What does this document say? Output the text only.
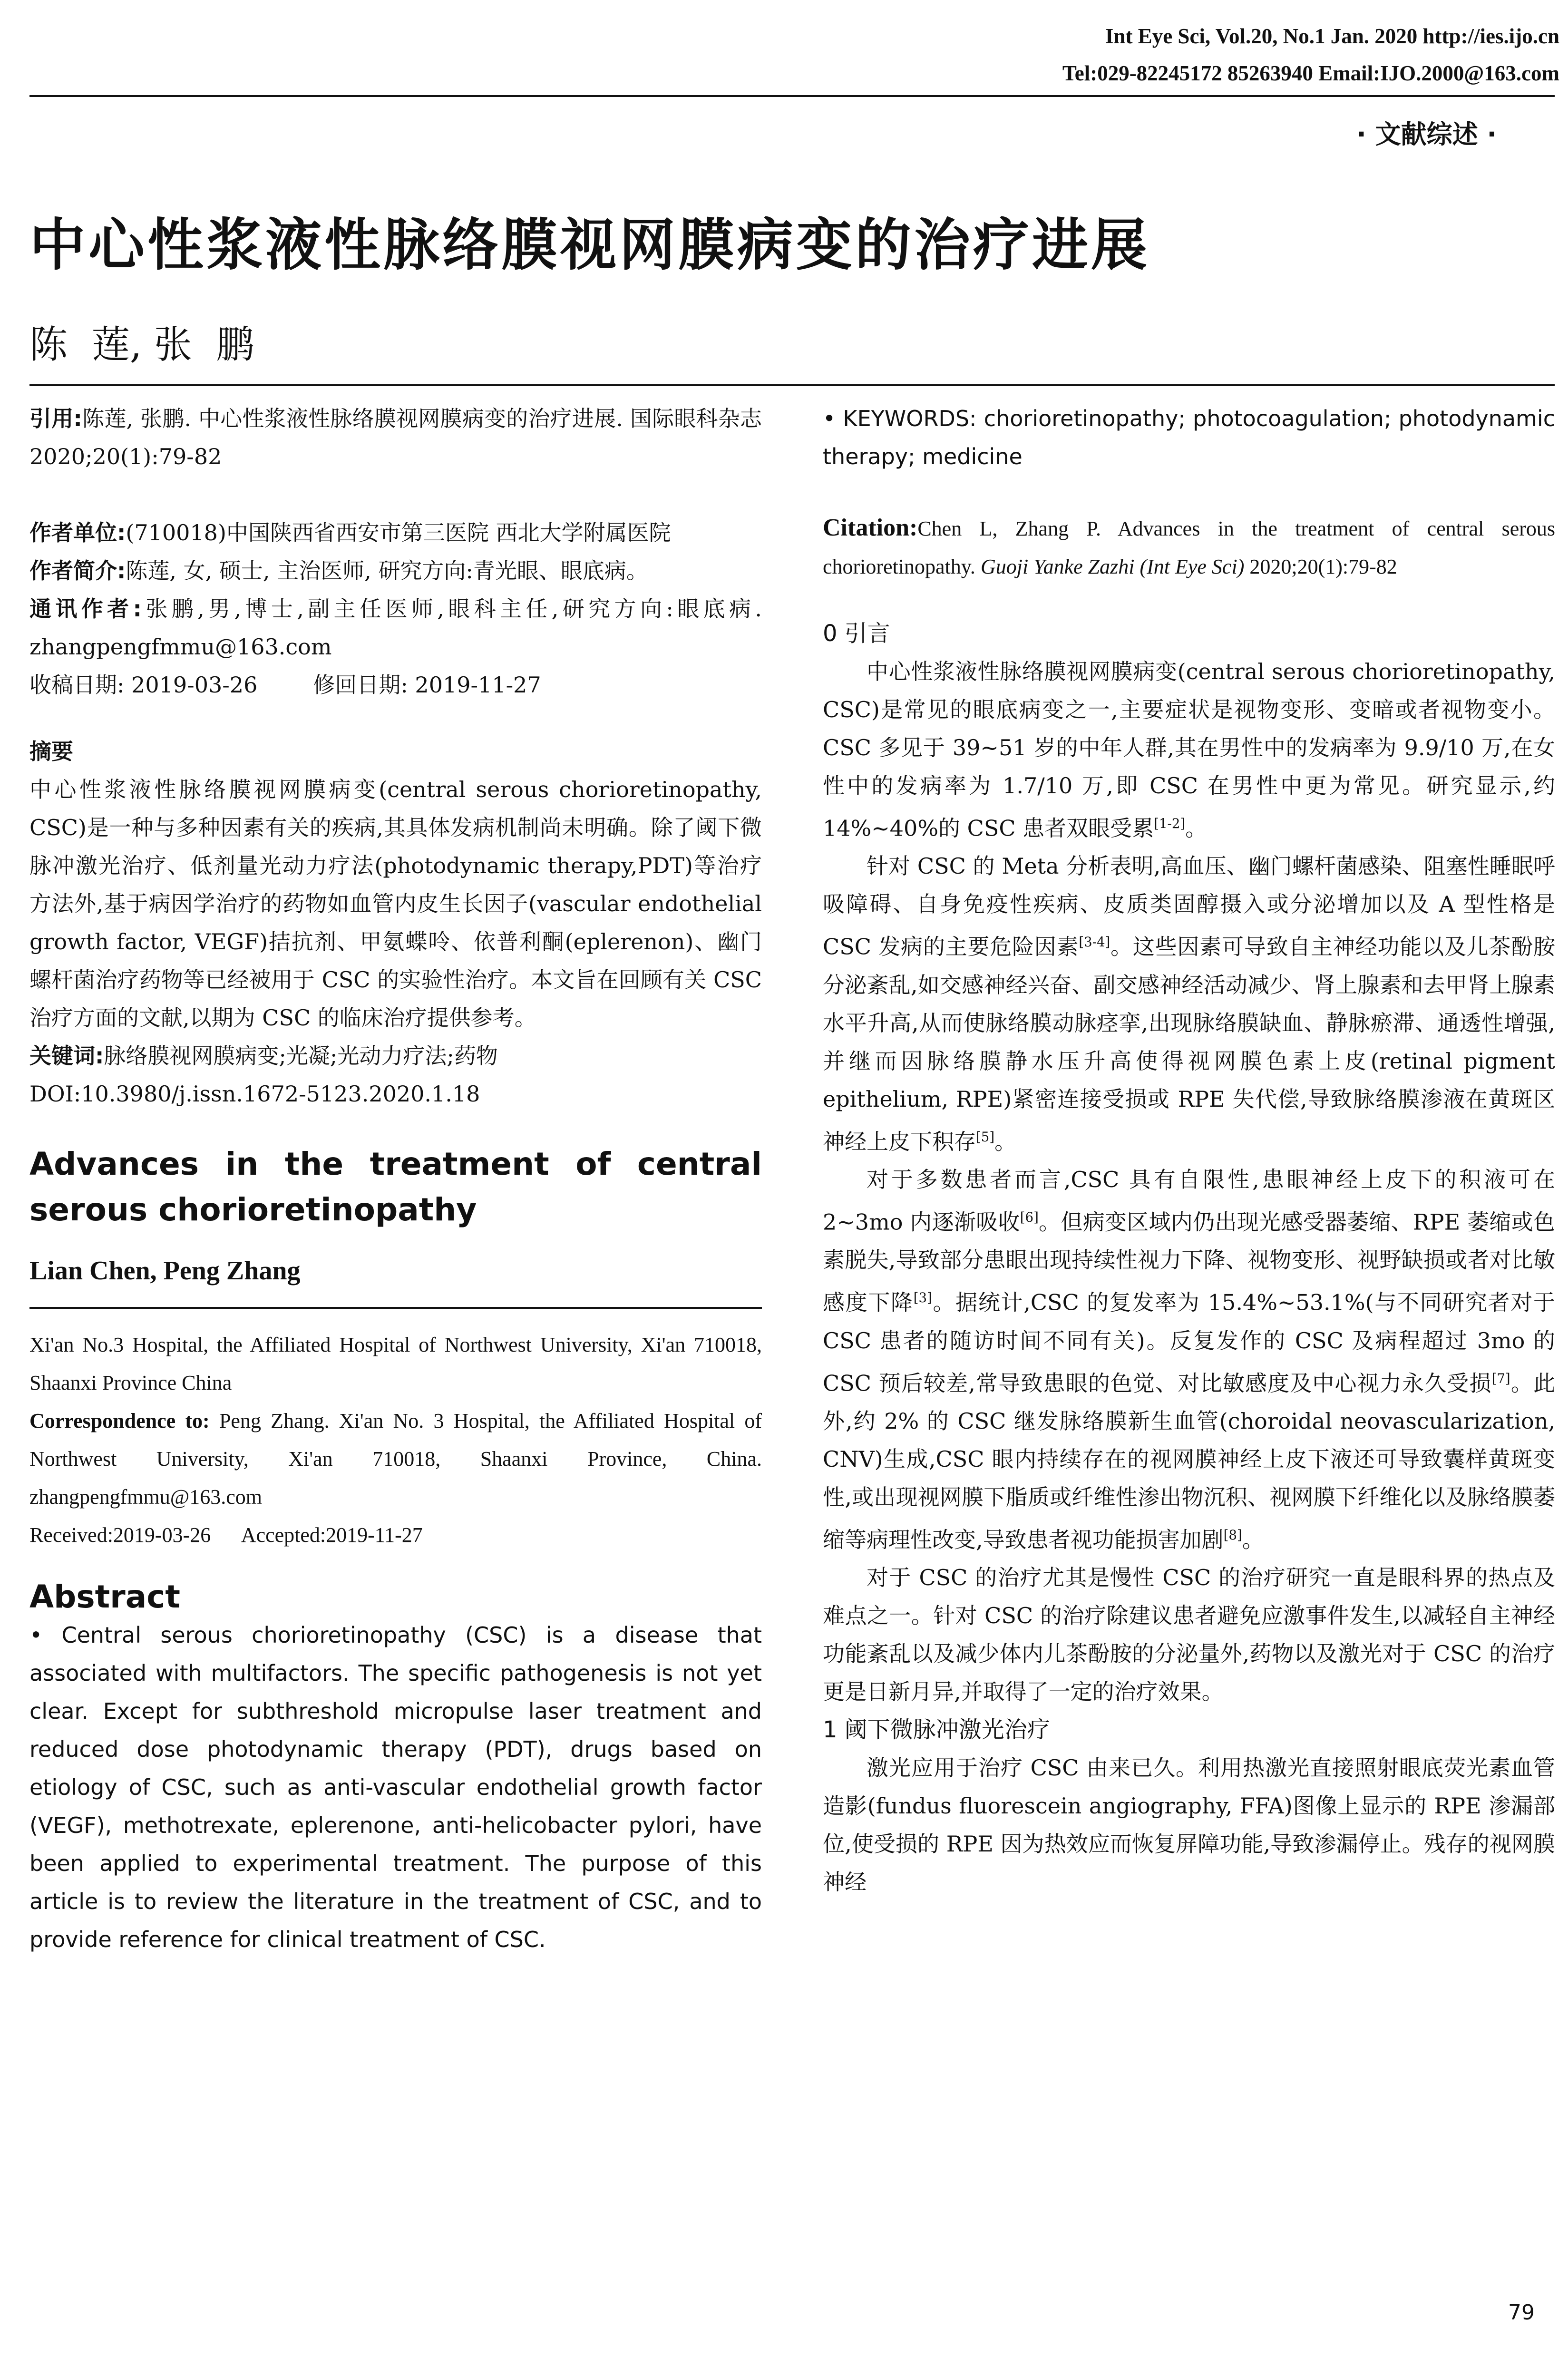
Int Eye Sci, Vol.20, No.1 Jan. 2020 http://ies.ijo.cn
Tel:029-82245172 85263940 Email:IJO.2000@163.com
· 文献综述 ·
中心性浆液性脉络膜视网膜病变的治疗进展
陈  莲, 张  鹏
引用:陈莲, 张鹏. 中心性浆液性脉络膜视网膜病变的治疗进展. 国际眼科杂志 2020;20(1):79-82
作者单位:(710018)中国陕西省西安市第三医院 西北大学附属医院
作者简介:陈莲, 女, 硕士, 主治医师, 研究方向:青光眼、眼底病。
通讯作者:张鹏,男,博士,副主任医师,眼科主任,研究方向:眼底病. zhangpengfmmu@163.com
收稿日期: 2019-03-26        修回日期: 2019-11-27
摘要
中心性浆液性脉络膜视网膜病变(central serous chorioretinopathy, CSC)是一种与多种因素有关的疾病,其具体发病机制尚未明确。除了阈下微脉冲激光治疗、低剂量光动力疗法(photodynamic therapy,PDT)等治疗方法外,基于病因学治疗的药物如血管内皮生长因子(vascular endothelial growth factor, VEGF)拮抗剂、甲氨蝶呤、依普利酮(eplerenon)、幽门螺杆菌治疗药物等已经被用于 CSC 的实验性治疗。本文旨在回顾有关 CSC 治疗方面的文献,以期为 CSC 的临床治疗提供参考。
关键词:脉络膜视网膜病变;光凝;光动力疗法;药物
DOI:10.3980/j.issn.1672-5123.2020.1.18
Advances in the treatment of central serous chorioretinopathy
Lian Chen, Peng Zhang
Xi'an No.3 Hospital, the Affiliated Hospital of Northwest University, Xi'an 710018, Shaanxi Province China
Correspondence to: Peng Zhang. Xi'an No. 3 Hospital, the Affiliated Hospital of Northwest University, Xi'an 710018, Shaanxi Province, China. zhangpengfmmu@163.com
Received:2019-03-26      Accepted:2019-11-27
Abstract
• Central serous chorioretinopathy (CSC) is a disease that associated with multifactors. The specific pathogenesis is not yet clear. Except for subthreshold micropulse laser treatment and reduced dose photodynamic therapy (PDT), drugs based on etiology of CSC, such as anti-vascular endothelial growth factor (VEGF), methotrexate, eplerenone, anti-helicobacter pylori, have been applied to experimental treatment. The purpose of this article is to review the literature in the treatment of CSC, and to provide reference for clinical treatment of CSC.
• KEYWORDS: chorioretinopathy; photocoagulation; photodynamic therapy; medicine
Citation:Chen L, Zhang P. Advances in the treatment of central serous chorioretinopathy. Guoji Yanke Zazhi (Int Eye Sci) 2020;20(1):79-82
0 引言
中心性浆液性脉络膜视网膜病变(central serous chorioretinopathy, CSC)是常见的眼底病变之一,主要症状是视物变形、变暗或者视物变小。CSC 多见于 39~51 岁的中年人群,其在男性中的发病率为 9.9/10 万,在女性中的发病率为 1.7/10 万,即 CSC 在男性中更为常见。研究显示,约 14%~40%的 CSC 患者双眼受累[1-2]。
针对 CSC 的 Meta 分析表明,高血压、幽门螺杆菌感染、阻塞性睡眠呼吸障碍、自身免疫性疾病、皮质类固醇摄入或分泌增加以及 A 型性格是 CSC 发病的主要危险因素[3-4]。这些因素可导致自主神经功能以及儿茶酚胺分泌紊乱,如交感神经兴奋、副交感神经活动减少、肾上腺素和去甲肾上腺素水平升高,从而使脉络膜动脉痉挛,出现脉络膜缺血、静脉瘀滞、通透性增强,并继而因脉络膜静水压升高使得视网膜色素上皮(retinal pigment epithelium, RPE)紧密连接受损或 RPE 失代偿,导致脉络膜渗液在黄斑区神经上皮下积存[5]。
对于多数患者而言,CSC 具有自限性,患眼神经上皮下的积液可在 2~3mo 内逐渐吸收[6]。但病变区域内仍出现光感受器萎缩、RPE 萎缩或色素脱失,导致部分患眼出现持续性视力下降、视物变形、视野缺损或者对比敏感度下降[3]。据统计,CSC 的复发率为 15.4%~53.1%(与不同研究者对于 CSC 患者的随访时间不同有关)。反复发作的 CSC 及病程超过 3mo 的 CSC 预后较差,常导致患眼的色觉、对比敏感度及中心视力永久受损[7]。此外,约 2% 的 CSC 继发脉络膜新生血管(choroidal neovascularization, CNV)生成,CSC 眼内持续存在的视网膜神经上皮下液还可导致囊样黄斑变性,或出现视网膜下脂质或纤维性渗出物沉积、视网膜下纤维化以及脉络膜萎缩等病理性改变,导致患者视功能损害加剧[8]。
对于 CSC 的治疗尤其是慢性 CSC 的治疗研究一直是眼科界的热点及难点之一。针对 CSC 的治疗除建议患者避免应激事件发生,以减轻自主神经功能紊乱以及减少体内儿茶酚胺的分泌量外,药物以及激光对于 CSC 的治疗更是日新月异,并取得了一定的治疗效果。
1 阈下微脉冲激光治疗
激光应用于治疗 CSC 由来已久。利用热激光直接照射眼底荧光素血管造影(fundus fluorescein angiography, FFA)图像上显示的 RPE 渗漏部位,使受损的 RPE 因为热效应而恢复屏障功能,导致渗漏停止。残存的视网膜神经
79
